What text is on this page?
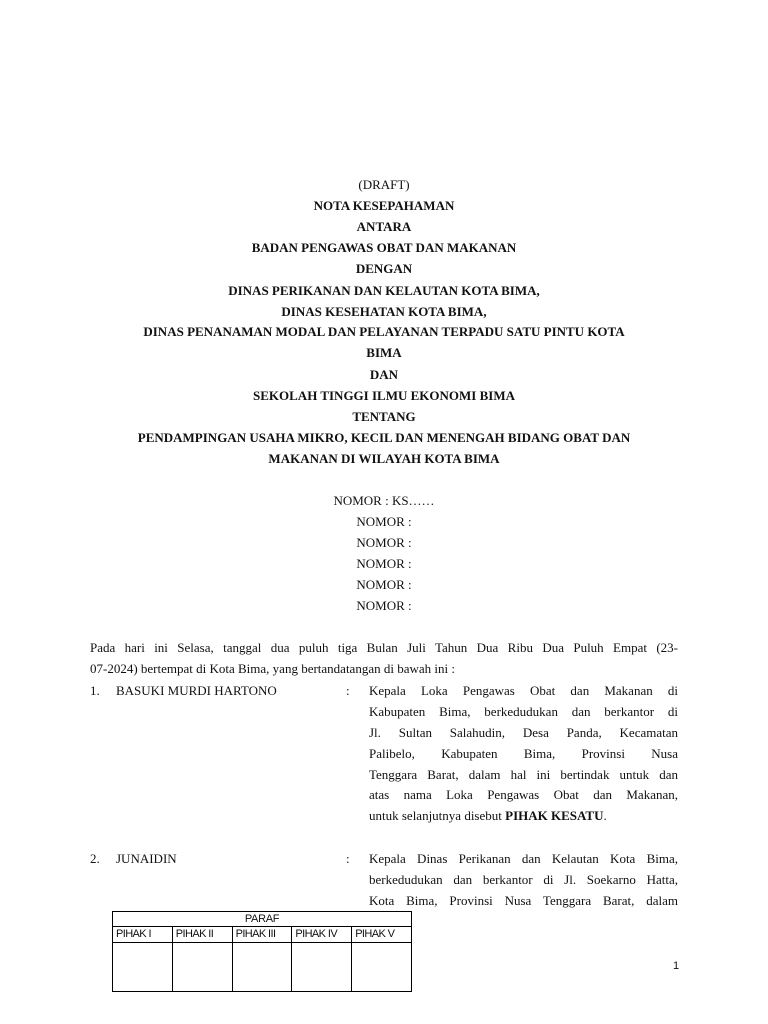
(DRAFT)
NOTA KESEPAHAMAN
ANTARA
BADAN PENGAWAS OBAT DAN MAKANAN
DENGAN
DINAS PERIKANAN DAN KELAUTAN KOTA BIMA,
DINAS KESEHATAN KOTA BIMA,
DINAS PENANAMAN MODAL DAN PELAYANAN TERPADU SATU PINTU KOTA
BIMA
DAN
SEKOLAH TINGGI ILMU EKONOMI BIMA
TENTANG
PENDAMPINGAN USAHA MIKRO, KECIL DAN MENENGAH BIDANG OBAT DAN
MAKANAN DI WILAYAH KOTA BIMA
NOMOR : KS……
NOMOR :
NOMOR :
NOMOR :
NOMOR :
NOMOR :
Pada hari ini Selasa, tanggal dua puluh tiga Bulan Juli Tahun Dua Ribu Dua Puluh Empat (23-
07-2024) bertempat di Kota Bima, yang bertandatangan di bawah ini :
1. BASUKI MURDI HARTONO	: Kepala Loka Pengawas Obat dan Makanan di
Kabupaten Bima, berkedudukan dan berkantor di
Jl. Sultan Salahudin, Desa Panda, Kecamatan
Palibelo, Kabupaten Bima, Provinsi Nusa
Tenggara Barat, dalam hal ini bertindak untuk dan
atas nama Loka Pengawas Obat dan Makanan,
untuk selanjutnya disebut PIHAK KESATU.
2. JUNAIDIN	: Kepala Dinas Perikanan dan Kelautan Kota Bima,
berkedudukan dan berkantor di Jl. Soekarno Hatta,
Kota Bima, Provinsi Nusa Tenggara Barat, dalam
PARAF
PIHAK I	PIHAK II	PIHAK III	PIHAK IV	PIHAK V
1
